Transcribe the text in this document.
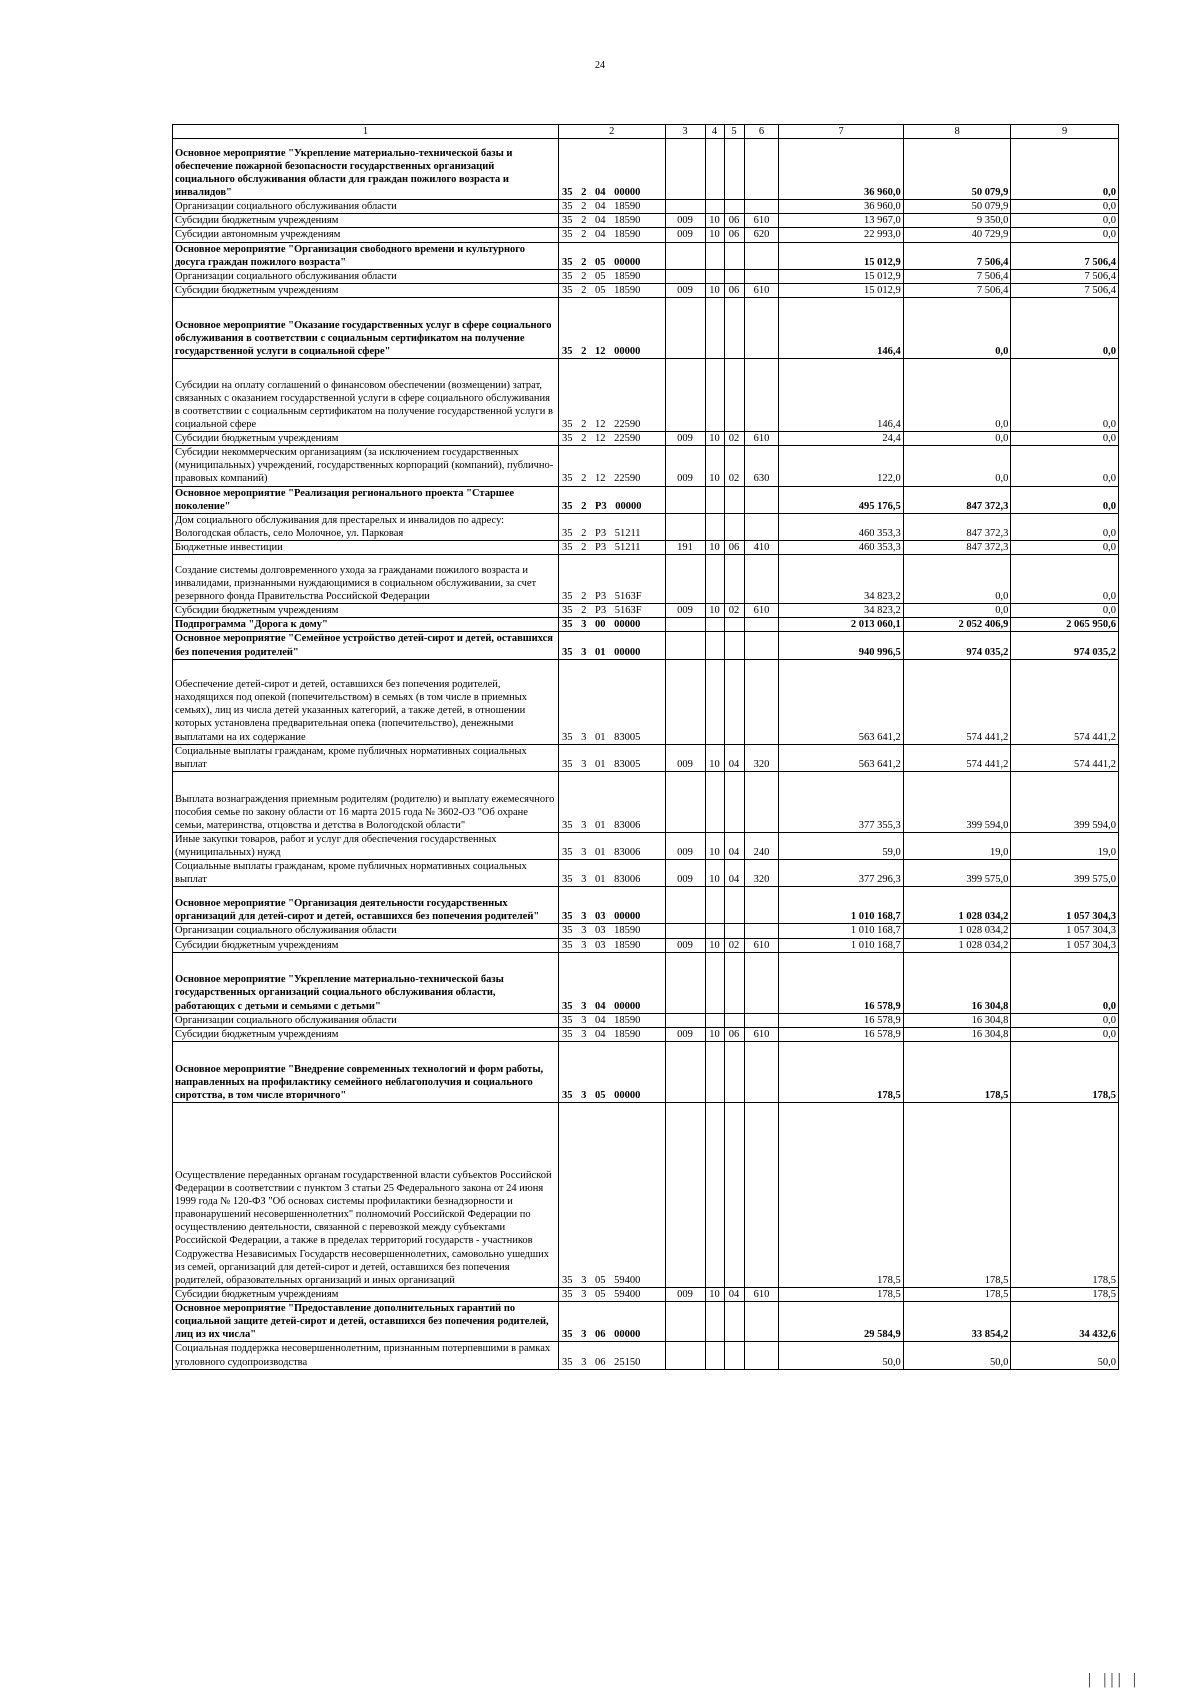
24
1	2	3	4	5	6	7	8	9
Основное мероприятие "Укрепление материально-технической базы и обеспечение пожарной безопасности государственных организаций социального обслуживания области для граждан пожилого возраста и инвалидов"	35 2 04 00000					36 960,0	50 079,9	0,0
Организации социального обслуживания области	35 2 04 18590					36 960,0	50 079,9	0,0
Субсидии бюджетным учреждениям	35 2 04 18590	009	10	06	610	13 967,0	9 350,0	0,0
Субсидии автономным учреждениям	35 2 04 18590	009	10	06	620	22 993,0	40 729,9	0,0
Основное мероприятие "Организация свободного времени и культурного досуга граждан пожилого возраста"	35 2 05 00000					15 012,9	7 506,4	7 506,4
Организации социального обслуживания области	35 2 05 18590					15 012,9	7 506,4	7 506,4
Субсидии бюджетным учреждениям	35 2 05 18590	009	10	06	610	15 012,9	7 506,4	7 506,4
Основное мероприятие "Оказание государственных услуг в сфере социального обслуживания в соответствии с социальным сертификатом на получение государственной услуги в социальной сфере"	35 2 12 00000					146,4	0,0	0,0
Субсидии на оплату соглашений о финансовом обеспечении (возмещении) затрат, связанных с оказанием государственной услуги в сфере социального обслуживания в соответствии с социальным сертификатом на получение государственной услуги в социальной сфере	35 2 12 22590					146,4	0,0	0,0
Субсидии бюджетным учреждениям	35 2 12 22590	009	10	02	610	24,4	0,0	0,0
Субсидии некоммерческим организациям (за исключением государственных (муниципальных) учреждений, государственных корпораций (компаний), публично-правовых компаний)	35 2 12 22590	009	10	02	630	122,0	0,0	0,0
Основное мероприятие "Реализация регионального проекта "Старшее поколение"	35 2 P3 00000					495 176,5	847 372,3	0,0
Дом социального обслуживания для престарелых и инвалидов по адресу: Вологодская область, село Молочное, ул. Парковая	35 2 P3 51211					460 353,3	847 372,3	0,0
Бюджетные инвестиции	35 2 P3 51211	191	10	06	410	460 353,3	847 372,3	0,0
Создание системы долговременного ухода за гражданами пожилого возраста и инвалидами, признанными нуждающимися в социальном обслуживании, за счет резервного фонда Правительства Российской Федерации	35 2 P3 5163F					34 823,2	0,0	0,0
Субсидии бюджетным учреждениям	35 2 P3 5163F	009	10	02	610	34 823,2	0,0	0,0
Подпрограмма "Дорога к дому"	35 3 00 00000					2 013 060,1	2 052 406,9	2 065 950,6
Основное мероприятие "Семейное устройство детей-сирот и детей, оставшихся без попечения родителей"	35 3 01 00000					940 996,5	974 035,2	974 035,2
Обеспечение детей-сирот и детей, оставшихся без попечения родителей, находящихся под опекой (попечительством) в семьях (в том числе в приемных семьях), лиц из числа детей указанных категорий, а также детей, в отношении которых установлена предварительная опека (попечительство), денежными выплатами на их содержание	35 3 01 83005					563 641,2	574 441,2	574 441,2
Социальные выплаты гражданам, кроме публичных нормативных социальных выплат	35 3 01 83005	009	10	04	320	563 641,2	574 441,2	574 441,2
Выплата вознаграждения приемным родителям (родителю) и выплату ежемесячного пособия семье по закону области от 16 марта 2015 года № 3602-ОЗ "Об охране семьи, материнства, отцовства и детства в Вологодской области"	35 3 01 83006					377 355,3	399 594,0	399 594,0
Иные закупки товаров, работ и услуг для обеспечения государственных (муниципальных) нужд	35 3 01 83006	009	10	04	240	59,0	19,0	19,0
Социальные выплаты гражданам, кроме публичных нормативных социальных выплат	35 3 01 83006	009	10	04	320	377 296,3	399 575,0	399 575,0
Основное мероприятие "Организация деятельности государственных организаций для детей-сирот и детей, оставшихся без попечения родителей"	35 3 03 00000					1 010 168,7	1 028 034,2	1 057 304,3
Организации социального обслуживания области	35 3 03 18590					1 010 168,7	1 028 034,2	1 057 304,3
Субсидии бюджетным учреждениям	35 3 03 18590	009	10	02	610	1 010 168,7	1 028 034,2	1 057 304,3
Основное мероприятие "Укрепление материально-технической базы государственных организаций социального обслуживания области, работающих с детьми и семьями с детьми"	35 3 04 00000					16 578,9	16 304,8	0,0
Организации социального обслуживания области	35 3 04 18590					16 578,9	16 304,8	0,0
Субсидии бюджетным учреждениям	35 3 04 18590	009	10	06	610	16 578,9	16 304,8	0,0
Основное мероприятие "Внедрение современных технологий и форм работы, направленных на профилактику семейного неблагополучия и социального сиротства, в том числе вторичного"	35 3 05 00000					178,5	178,5	178,5
Осуществление переданных органам государственной власти субъектов Российской Федерации в соответствии с пунктом 3 статьи 25 Федерального закона от 24 июня 1999 года № 120-ФЗ "Об основах системы профилактики безнадзорности и правонарушений несовершеннолетних" полномочий Российской Федерации по осуществлению деятельности, связанной с перевозкой между субъектами Российской Федерации, а также в пределах территорий государств - участников Содружества Независимых Государств несовершеннолетних, самовольно ушедших из семей, организаций для детей-сирот и детей, оставшихся без попечения родителей, образовательных организаций и иных организаций	35 3 05 59400					178,5	178,5	178,5
Субсидии бюджетным учреждениям	35 3 05 59400	009	10	04	610	178,5	178,5	178,5
Основное мероприятие "Предоставление дополнительных гарантий по социальной защите детей-сирот и детей, оставшихся без попечения родителей, лиц из их числа"	35 3 06 00000					29 584,9	33 854,2	34 432,6
Социальная поддержка несовершеннолетним, признанным потерпевшими в рамках уголовного судопроизводства	35 3 06 25150					50,0	50,0	50,0
| ||| |
